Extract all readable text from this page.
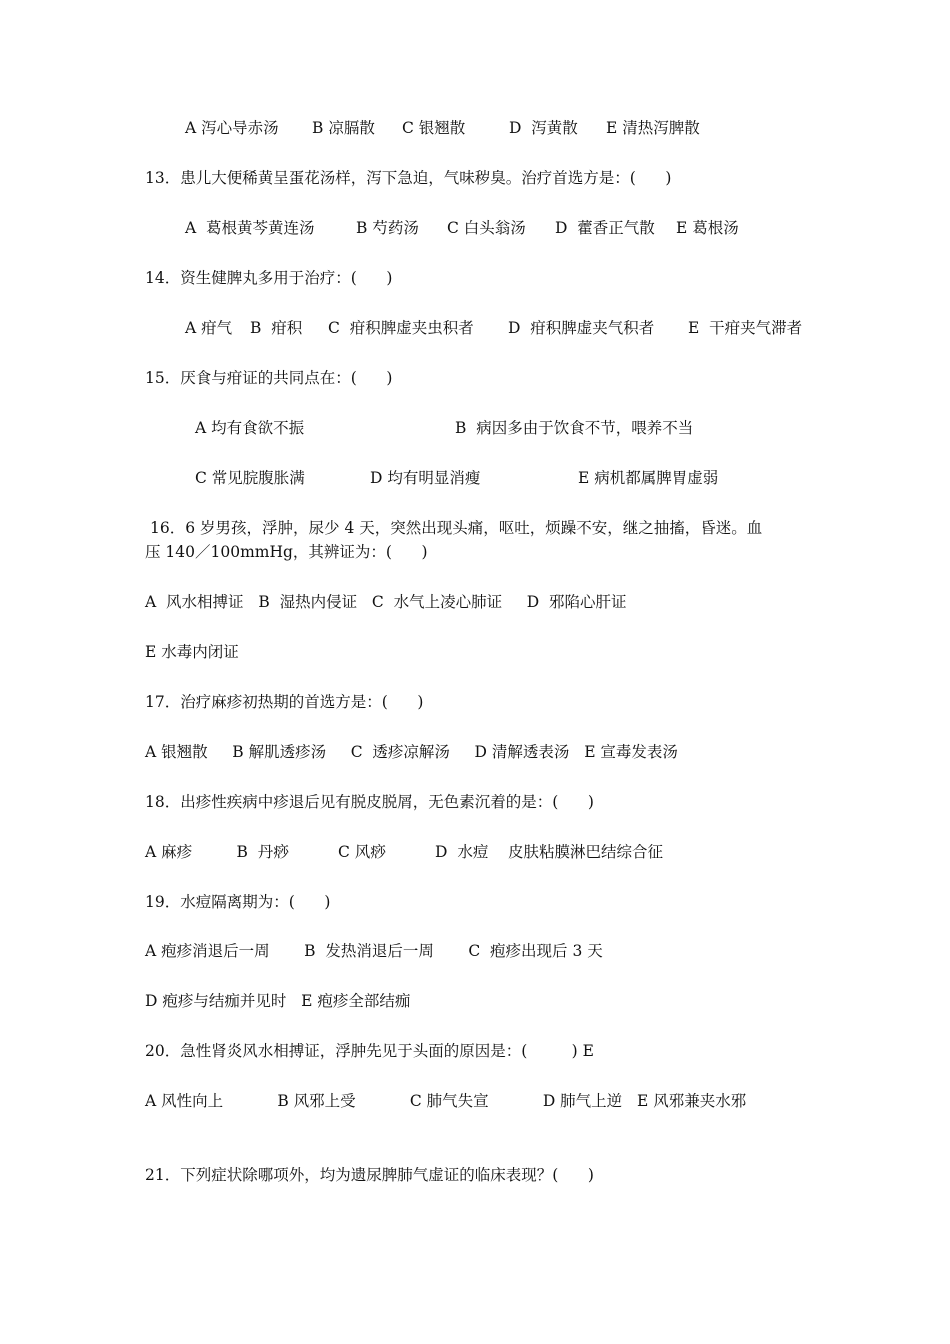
A 泻心导赤汤 B 凉膈散 C 银翘散	D  泻黄散 E 清热泻脾散
13．患儿大便稀黄呈蛋花汤样，泻下急迫，气味秽臭。治疗首选方是：(      )
A  葛根黄芩黄连汤	B 芍药汤 C 白头翁汤 D  藿香正气散 E 葛根汤
14．资生健脾丸多用于治疗：(      )
A 疳气 B  疳积 C  疳积脾虚夹虫积者 D  疳积脾虚夹气积者 E  干疳夹气滞者
15．厌食与疳证的共同点在：(      )
A 均有食欲不振	B  病因多由于饮食不节，喂养不当
C 常见脘腹胀满	D 均有明显消瘦	E 病机都属脾胃虚弱
16．6 岁男孩，浮肿，尿少 4 天，突然出现头痛，呕吐，烦躁不安，继之抽搐，昏迷。血
压 140／100mmHg，其辨证为：(      )
A  风水相搏证   B  湿热内侵证   C  水气上凌心肺证     D  邪陷心肝证
E 水毒内闭证
17．治疗麻疹初热期的首选方是：(      )
A 银翘散     B 解肌透疹汤     C  透疹凉解汤     D 清解透表汤   E 宣毒发表汤
18．出疹性疾病中疹退后见有脱皮脱屑，无色素沉着的是：(      )
A 麻疹         B  丹痧          C 风痧          D  水痘    皮肤粘膜淋巴结综合征
19．水痘隔离期为：(      )
A 疱疹消退后一周       B  发热消退后一周       C  疱疹出现后 3 天
D 疱疹与结痂并见时   E 疱疹全部结痂
20．急性肾炎风水相搏证，浮肿先见于头面的原因是：(         ) E
A 风性向上           B 风邪上受           C 肺气失宣           D 肺气上逆   E 风邪兼夹水邪
21．下列症状除哪项外，均为遗尿脾肺气虚证的临床表现？(      )
